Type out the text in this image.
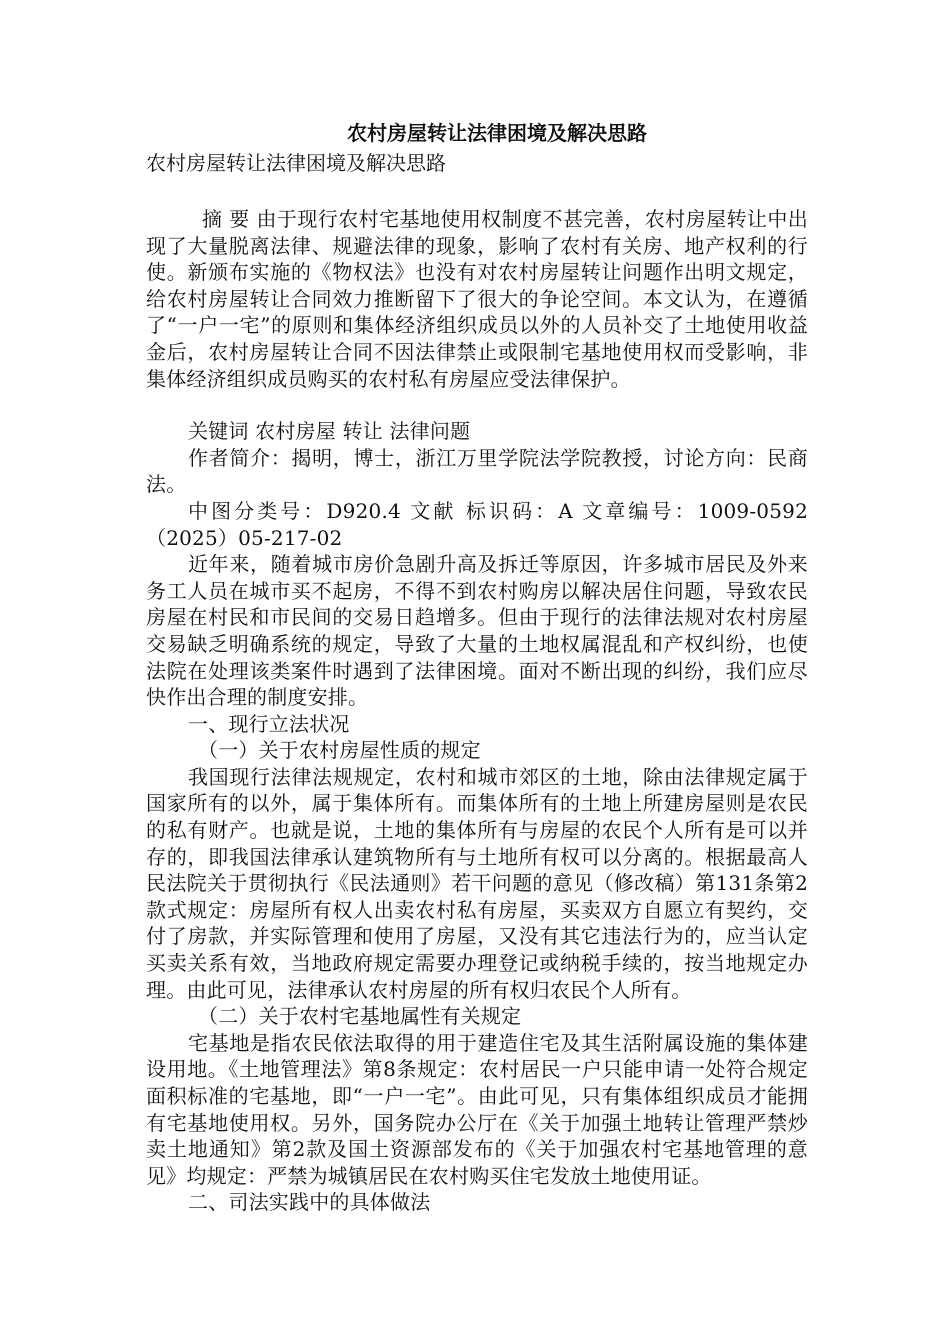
农村房屋转让法律困境及解决思路
农村房屋转让法律困境及解决思路

摘 要 由于现行农村宅基地使用权制度不甚完善，农村房屋转让中出现了大量脱离法律、规避法律的现象，影响了农村有关房、地产权利的行使。新颁布实施的《物权法》也没有对农村房屋转让问题作出明文规定，给农村房屋转让合同效力推断留下了很大的争论空间。本文认为，在遵循了“一户一宅”的原则和集体经济组织成员以外的人员补交了土地使用收益金后，农村房屋转让合同不因法律禁止或限制宅基地使用权而受影响，非集体经济组织成员购买的农村私有房屋应受法律保护。

关键词 农村房屋 转让 法律问题

作者简介：揭明，博士，浙江万里学院法学院教授，讨论方向：民商法。

中图分类号：D920.4 文献 标识码：A 文章编号：1009-0592（2025）05-217-02

近年来，随着城市房价急剧升高及拆迁等原因，许多城市居民及外来务工人员在城市买不起房，不得不到农村购房以解决居住问题，导致农民房屋在村民和市民间的交易日趋增多。但由于现行的法律法规对农村房屋交易缺乏明确系统的规定，导致了大量的土地权属混乱和产权纠纷，也使法院在处理该类案件时遇到了法律困境。面对不断出现的纠纷，我们应尽快作出合理的制度安排。

一、现行立法状况

（一）关于农村房屋性质的规定

我国现行法律法规规定，农村和城市郊区的土地，除由法律规定属于国家所有的以外，属于集体所有。而集体所有的土地上所建房屋则是农民的私有财产。也就是说，土地的集体所有与房屋的农民个人所有是可以并存的，即我国法律承认建筑物所有与土地所有权可以分离的。根据最高人民法院关于贯彻执行《民法通则》若干问题的意见（修改稿）第131条第2款式规定：房屋所有权人出卖农村私有房屋，买卖双方自愿立有契约，交付了房款，并实际管理和使用了房屋，又没有其它违法行为的，应当认定买卖关系有效，当地政府规定需要办理登记或纳税手续的，按当地规定办理。由此可见，法律承认农村房屋的所有权归农民个人所有。

（二）关于农村宅基地属性有关规定

宅基地是指农民依法取得的用于建造住宅及其生活附属设施的集体建设用地。《土地管理法》第8条规定：农村居民一户只能申请一处符合规定面积标准的宅基地，即“一户一宅”。由此可见，只有集体组织成员才能拥有宅基地使用权。另外，国务院办公厅在《关于加强土地转让管理严禁炒卖土地通知》第2款及国土资源部发布的《关于加强农村宅基地管理的意见》均规定：严禁为城镇居民在农村购买住宅发放土地使用证。

二、司法实践中的具体做法
